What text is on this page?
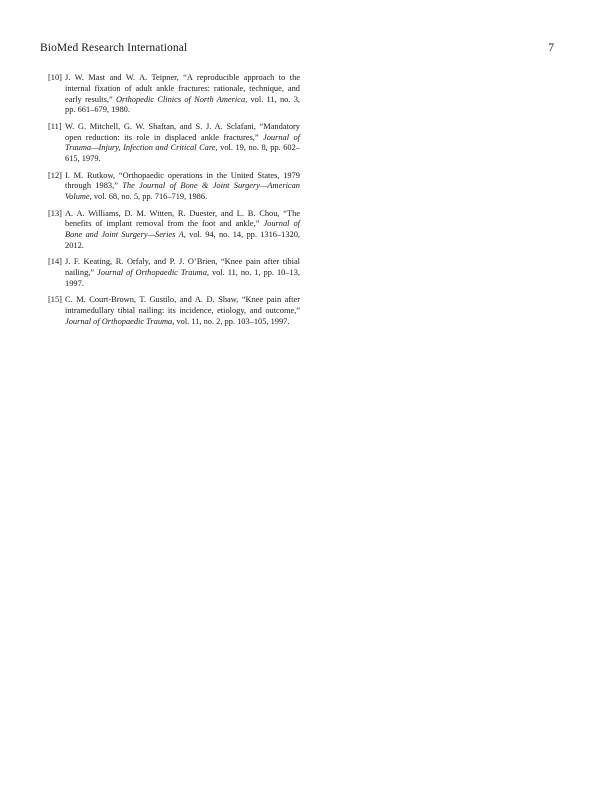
BioMed Research International	7
[10] J. W. Mast and W. A. Teipner, “A reproducible approach to the internal fixation of adult ankle fractures: rationale, technique, and early results,” Orthopedic Clinics of North America, vol. 11, no. 3, pp. 661–679, 1980.
[11] W. G. Mitchell, G. W. Shaftan, and S. J. A. Sclafani, “Mandatory open reduction: its role in displaced ankle fractures,” Journal of Trauma—Injury, Infection and Critical Care, vol. 19, no. 8, pp. 602–615, 1979.
[12] I. M. Rutkow, “Orthopaedic operations in the United States, 1979 through 1983,” The Journal of Bone & Joint Surgery—American Volume, vol. 68, no. 5, pp. 716–719, 1986.
[13] A. A. Williams, D. M. Witten, R. Duester, and L. B. Chou, “The benefits of implant removal from the foot and ankle,” Journal of Bone and Joint Surgery—Series A, vol. 94, no. 14, pp. 1316–1320, 2012.
[14] J. F. Keating, R. Orfaly, and P. J. O’Brien, “Knee pain after tibial nailing,” Journal of Orthopaedic Trauma, vol. 11, no. 1, pp. 10–13, 1997.
[15] C. M. Court-Brown, T. Gustilo, and A. D. Shaw, “Knee pain after intramedullary tibial nailing: its incidence, etiology, and outcome,” Journal of Orthopaedic Trauma, vol. 11, no. 2, pp. 103–105, 1997.
